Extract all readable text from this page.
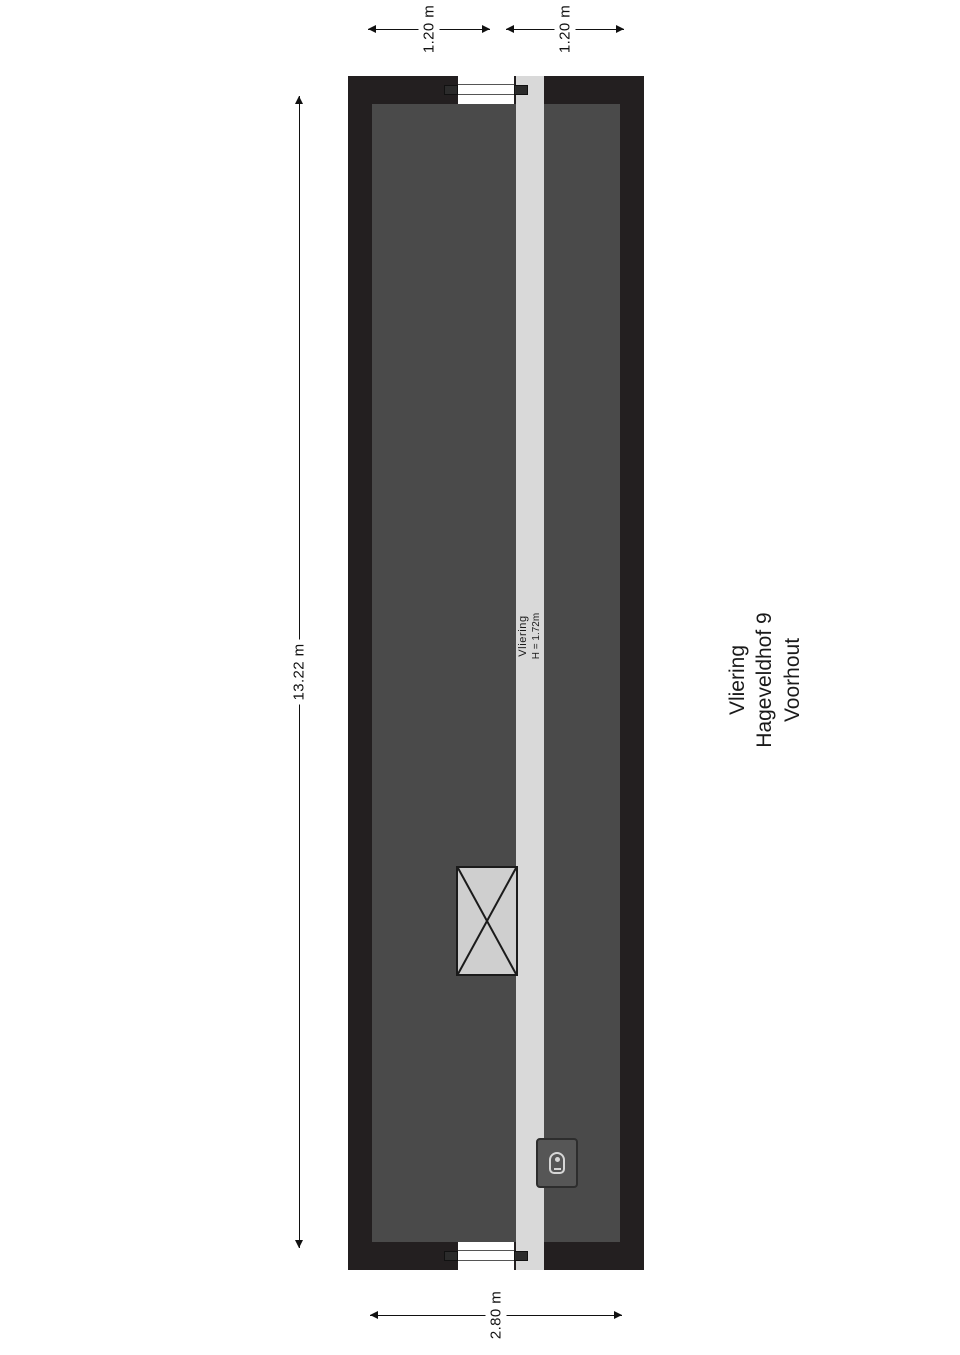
Vliering H = 1.72m
13.22 m
1.20 m	1.20 m
2.80 m
Vliering Hageveldhof 9 Voorhout
